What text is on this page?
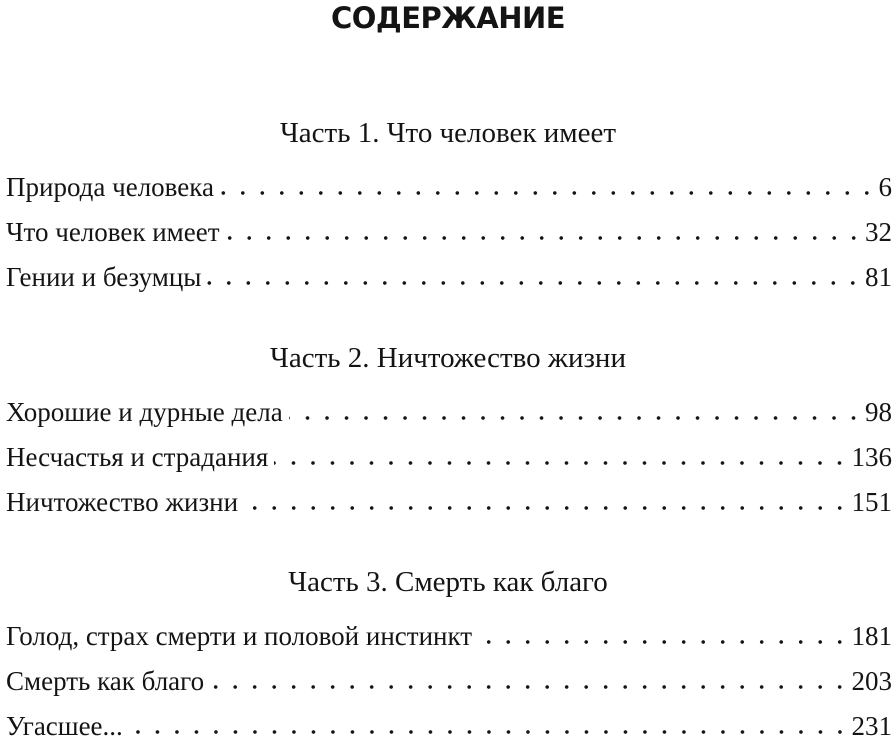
СОДЕРЖАНИЕ
Часть 1. Что человек имеет
Природа человека	6
Что человек имеет	32
Гении и безумцы	81
Часть 2. Ничтожество жизни
Хорошие и дурные дела	98
Несчастья и страдания	136
Ничтожество жизни	151
Часть 3. Смерть как благо
Голод, страх смерти и половой инстинкт	181
Смерть как благо	203
Угасшее...	231
